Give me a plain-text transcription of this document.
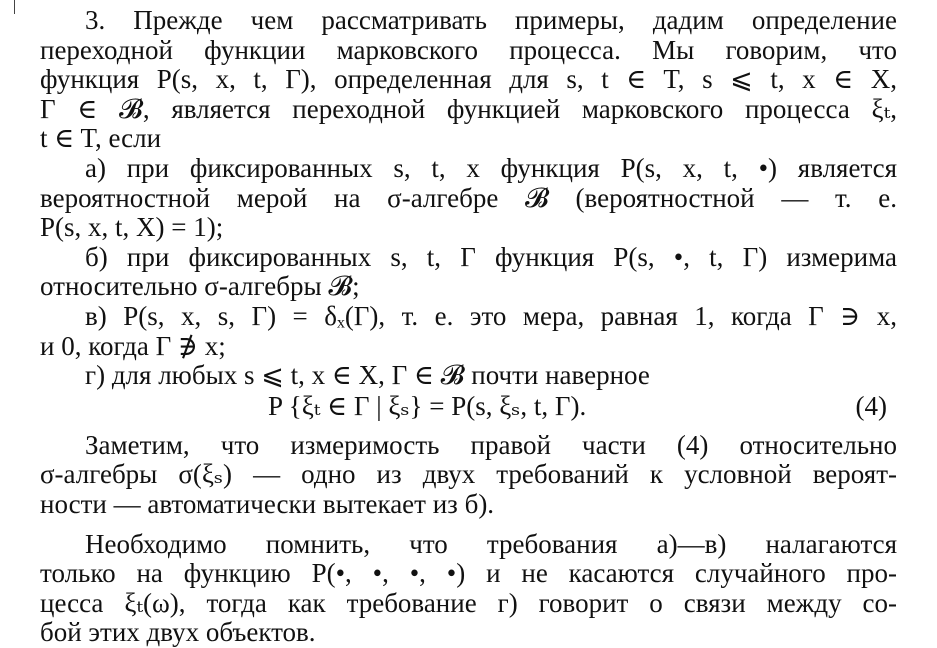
3. Прежде чем рассматривать примеры, дадим определение
переходной функции марковского процесса. Мы говорим, что
функция P(s, x, t, Γ), определенная для s, t ∈ T, s ⩽ t, x ∈ X,
Γ ∈ 𝓑, является переходной функцией марковского процесса ξₜ,
t ∈ T, если
а) при фиксированных s, t, x функция P(s, x, t, •) является
вероятностной мерой на σ-алгебре 𝓑 (вероятностной — т. е.
P(s, x, t, X) = 1);
б) при фиксированных s, t, Γ функция P(s, •, t, Γ) измерима
относительно σ-алгебры 𝓑;
в) P(s, x, s, Γ) = δₓ(Γ), т. е. это мера, равная 1, когда Γ ∋ x,
и 0, когда Γ ∌ x;
г) для любых s ⩽ t, x ∈ X, Γ ∈ 𝓑 почти наверное
P {ξₜ ∈ Γ | ξₛ} = P(s, ξₛ, t, Γ).	(4)
Заметим, что измеримость правой части (4) относительно
σ-алгебры σ(ξₛ) — одно из двух требований к условной вероят-
ности — автоматически вытекает из б).
Необходимо помнить, что требования а)—в) налагаются
только на функцию P(•, •, •, •) и не касаются случайного про-
цесса ξₜ(ω), тогда как требование г) говорит о связи между со-
бой этих двух объектов.
